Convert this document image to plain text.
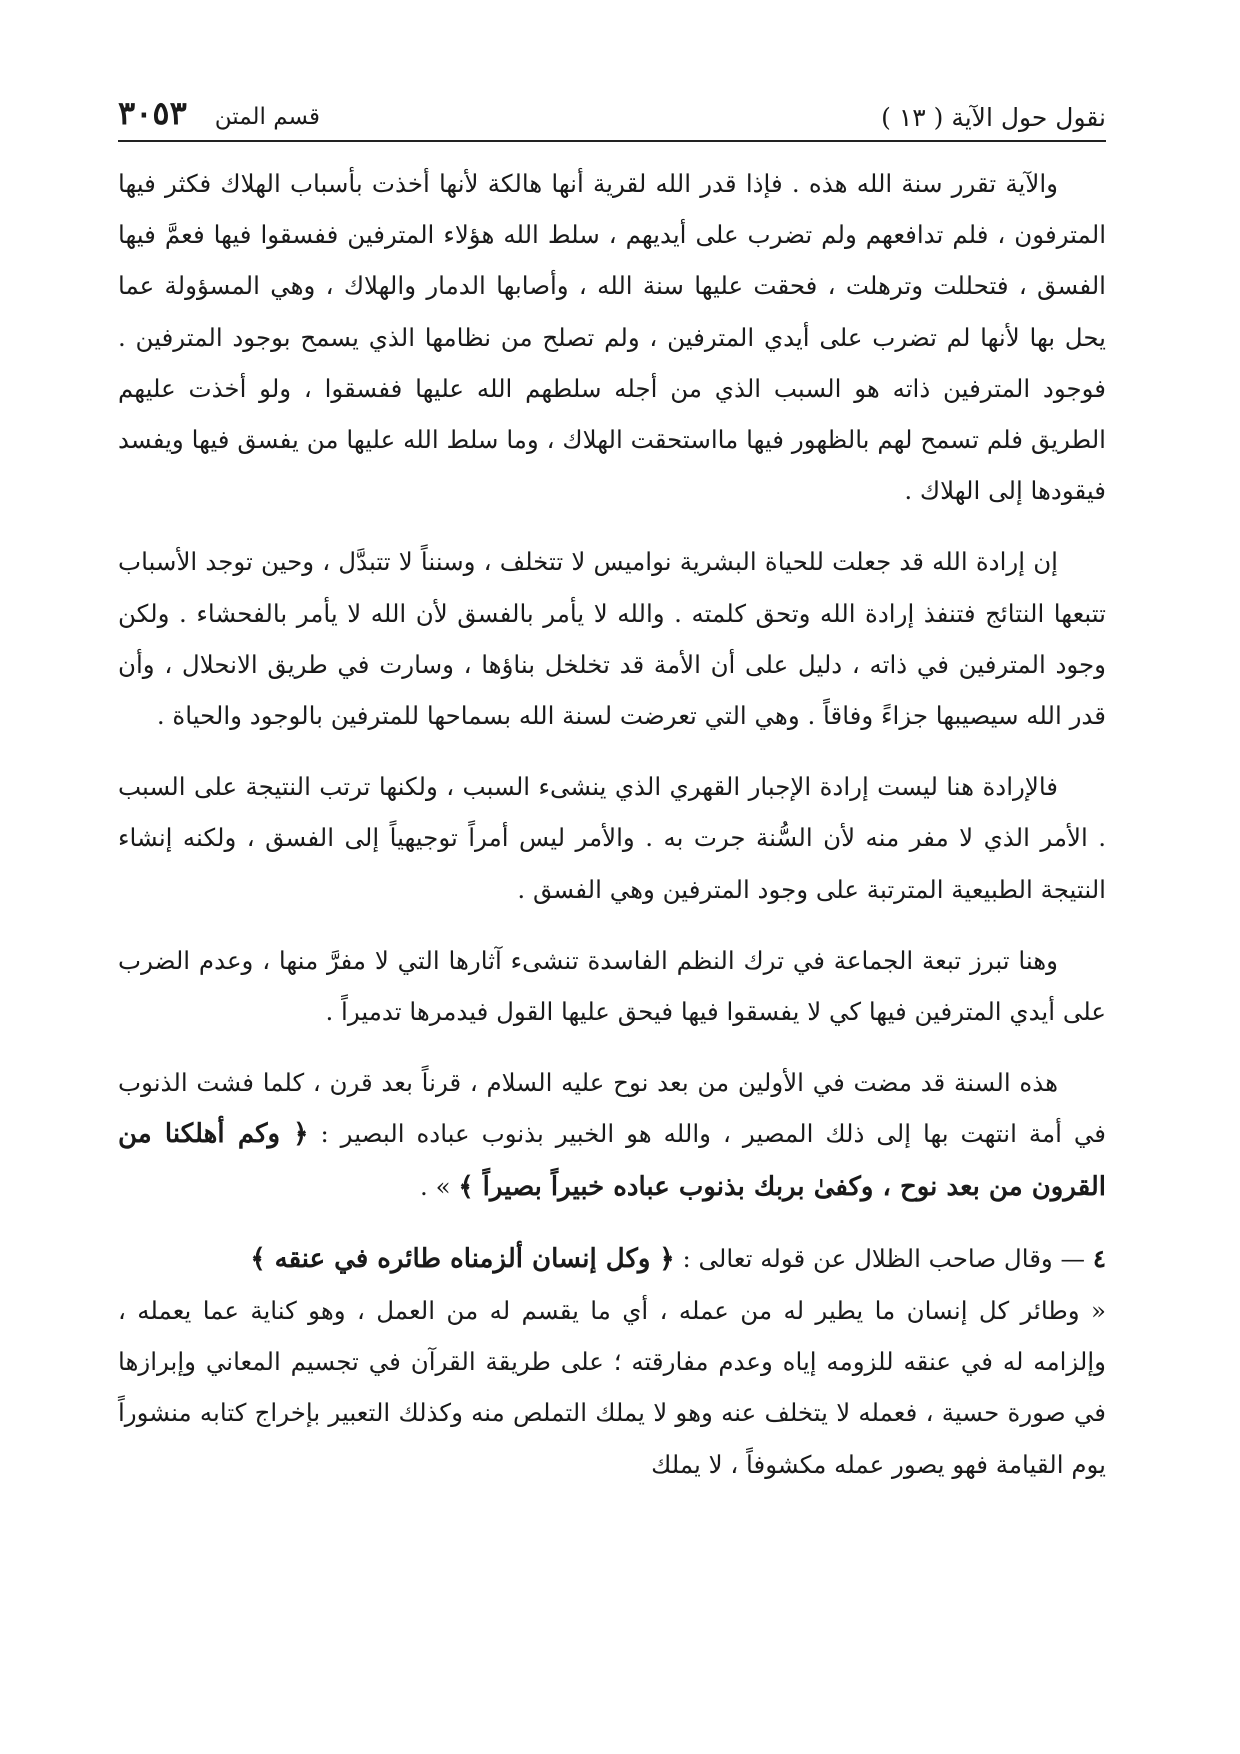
نقول حول الآية ( ١٣ )
قسم المتن
٣٠٥٣

والآية تقرر سنة الله هذه . فإذا قدر الله لقرية أنها هالكة لأنها أخذت بأسباب الهلاك فكثر فيها المترفون ، فلم تدافعهم ولم تضرب على أيديهم ، سلط الله هؤلاء المترفين ففسقوا فيها فعمَّ فيها الفسق ، فتحللت وترهلت ، فحقت عليها سنة الله ، وأصابها الدمار والهلاك ، وهي المسؤولة عما يحل بها لأنها لم تضرب على أيدي المترفين ، ولم تصلح من نظامها الذي يسمح بوجود المترفين . فوجود المترفين ذاته هو السبب الذي من أجله سلطهم الله عليها ففسقوا ، ولو أخذت عليهم الطريق فلم تسمح لهم بالظهور فيها مااستحقت الهلاك ، وما سلط الله عليها من يفسق فيها ويفسد فيقودها إلى الهلاك .

إن إرادة الله قد جعلت للحياة البشرية نواميس لا تتخلف ، وسنناً لا تتبدَّل ، وحين توجد الأسباب تتبعها النتائج فتنفذ إرادة الله وتحق كلمته . والله لا يأمر بالفسق لأن الله لا يأمر بالفحشاء . ولكن وجود المترفين في ذاته ، دليل على أن الأمة قد تخلخل بناؤها ، وسارت في طريق الانحلال ، وأن قدر الله سيصيبها جزاءً وفاقاً . وهي التي تعرضت لسنة الله بسماحها للمترفين بالوجود والحياة .

فالإرادة هنا ليست إرادة الإجبار القهري الذي ينشىء السبب ، ولكنها ترتب النتيجة على السبب . الأمر الذي لا مفر منه لأن السُّنة جرت به . والأمر ليس أمراً توجيهياً إلى الفسق ، ولكنه إنشاء النتيجة الطبيعية المترتبة على وجود المترفين وهي الفسق .

وهنا تبرز تبعة الجماعة في ترك النظم الفاسدة تنشىء آثارها التي لا مفرَّ منها ، وعدم الضرب على أيدي المترفين فيها كي لا يفسقوا فيها فيحق عليها القول فيدمرها تدميراً .

هذه السنة قد مضت في الأولين من بعد نوح عليه السلام ، قرناً بعد قرن ، كلما فشت الذنوب في أمة انتهت بها إلى ذلك المصير ، والله هو الخبير بذنوب عباده البصير : ﴿ وكم أهلكنا من القرون من بعد نوح ، وكفىٰ بربك بذنوب عباده خبيراً بصيراً ﴾ » .

٤ — وقال صاحب الظلال عن قوله تعالى : ﴿ وكل إنسان ألزمناه طائره في عنقه ﴾
« وطائر كل إنسان ما يطير له من عمله ، أي ما يقسم له من العمل ، وهو كناية عما يعمله ، وإلزامه له في عنقه للزومه إياه وعدم مفارقته ؛ على طريقة القرآن في تجسيم المعاني وإبرازها في صورة حسية ، فعمله لا يتخلف عنه وهو لا يملك التملص منه وكذلك التعبير بإخراج كتابه منشوراً يوم القيامة فهو يصور عمله مكشوفاً ، لا يملك
